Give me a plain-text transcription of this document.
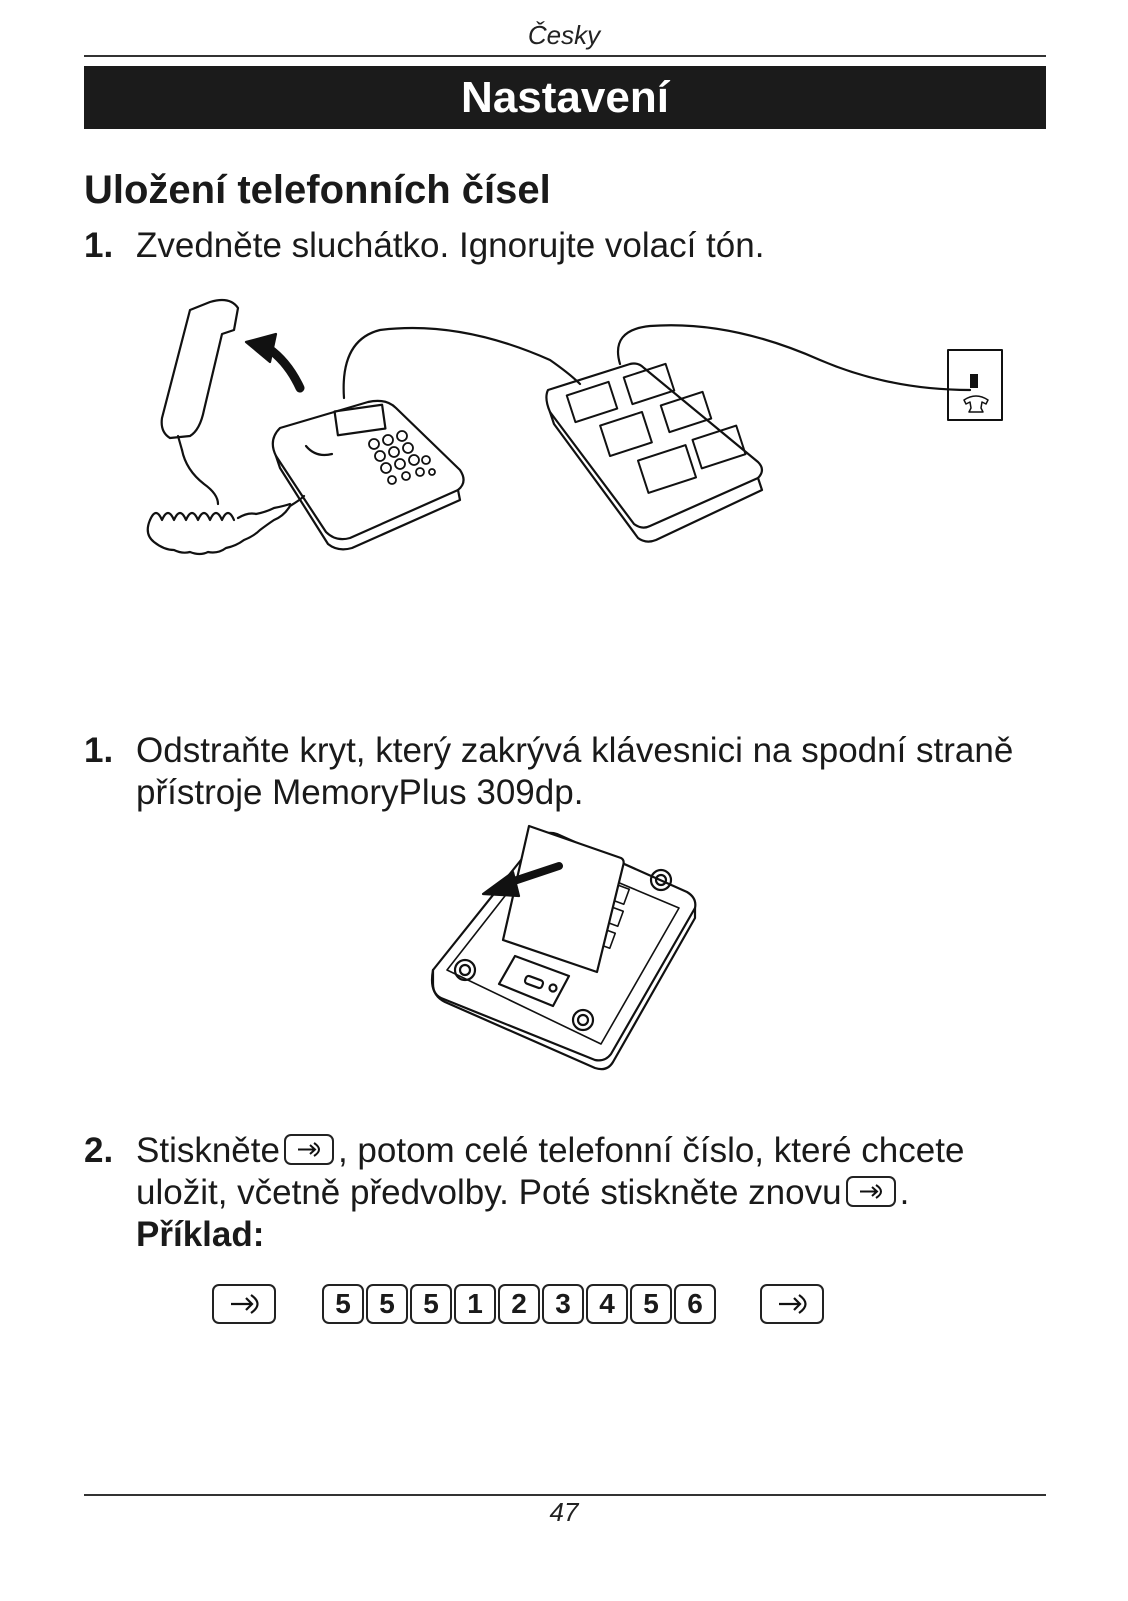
Česky
Nastavení
Uložení telefonních čísel
1. Zvedněte sluchátko. Ignorujte volací tón.
1. Odstraňte kryt, který zakrývá klávesnici na spodní straně přístroje MemoryPlus 309dp.
2. Stiskněte , potom celé telefonní číslo, které chcete uložit, včetně předvolby. Poté stiskněte znovu .
Příklad:
5	5	5	1	2	3	4	5	6
47
